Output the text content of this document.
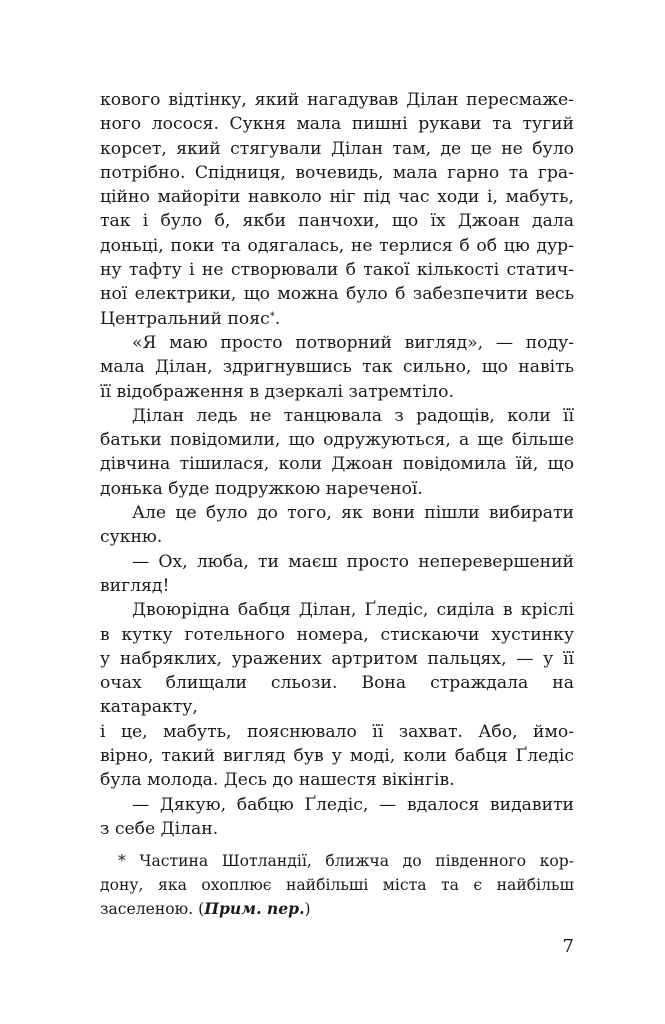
кового відтінку, який нагадував Ділан пересмаже-
ного лосося. Сукня мала пишні рукави та тугий
корсет, який стягували Ділан там, де це не було
потрібно. Спідниця, вочевидь, мала гарно та гра-
ційно майоріти навколо ніг під час ходи і, мабуть,
так і було б, якби панчохи, що їх Джоан дала
доньці, поки та одягалась, не терлися б об цю дур-
ну тафту і не створювали б такої кількості статич-
ної електрики, що можна було б забезпечити весь
Центральний пояс*.

«Я маю просто потворний вигляд», — поду-
мала Ділан, здригнувшись так сильно, що навіть
її відображення в дзеркалі затремтіло.

Ділан ледь не танцювала з радощів, коли її
батьки повідомили, що одружуються, а ще більше
дівчина тішилася, коли Джоан повідомила їй, що
донька буде подружкою нареченої.

Але це було до того, як вони пішли вибирати
сукню.

— Ох, люба, ти маєш просто неперевершений
вигляд!

Двоюрідна бабця Ділан, Ґледіс, сиділа в кріслі
в кутку готельного номера, стискаючи хустинку
у набряклих, уражених артритом пальцях, — у її
очах блищали сльози. Вона страждала на катаракту,
і це, мабуть, пояснювало її захват. Або, ймо-
вірно, такий вигляд був у моді, коли бабця Ґледіс
була молода. Десь до нашестя вікінгів.

— Дякую, бабцю Ґледіс, — вдалося видавити
з себе Ділан.

* Частина Шотландії, ближча до південного кор-
дону, яка охоплює найбільші міста та є найбільш
заселеною. (Прим. пер.)
7
